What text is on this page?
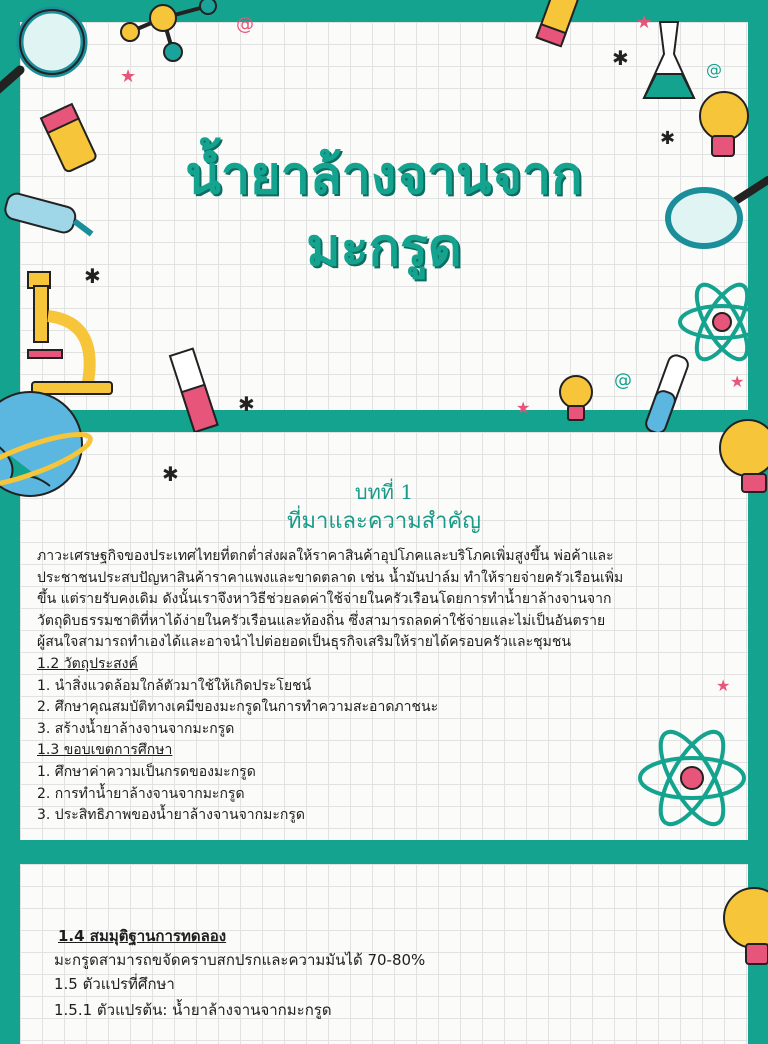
น้ำยาล้างจานจาก
มะกรูด
✱
✱
✱
✱
★
★
★
★
@
@
@
บทที่ 1
ที่มาและความสำคัญ
ภาวะเศรษฐกิจของประเทศไทยที่ตกต่ำส่งผลให้ราคาสินค้าอุปโภคและบริโภคเพิ่มสูงขึ้น พ่อค้าและ
ประชาชนประสบปัญหาสินค้าราคาแพงและขาดตลาด เช่น น้ำมันปาล์ม ทำให้รายจ่ายครัวเรือนเพิ่ม
ขึ้น แต่รายรับคงเดิม ดังนั้นเราจึงหาวิธีช่วยลดค่าใช้จ่ายในครัวเรือนโดยการทำน้ำยาล้างจานจาก
วัตถุดิบธรรมชาติที่หาได้ง่ายในครัวเรือนและท้องถิ่น ซึ่งสามารถลดค่าใช้จ่ายและไม่เป็นอันตราย
ผู้สนใจสามารถทำเองได้และอาจนำไปต่อยอดเป็นธุรกิจเสริมให้รายได้ครอบครัวและชุมชน
1.2 วัตถุประสงค์
1. นำสิ่งแวดล้อมใกล้ตัวมาใช้ให้เกิดประโยชน์
2. ศึกษาคุณสมบัติทางเคมีของมะกรูดในการทำความสะอาดภาชนะ
3. สร้างน้ำยาล้างจานจากมะกรูด
1.3 ขอบเขตการศึกษา
1. ศึกษาค่าความเป็นกรดของมะกรูด
2. การทำน้ำยาล้างจานจากมะกรูด
3. ประสิทธิภาพของน้ำยาล้างจานจากมะกรูด
✱
★
1.4 สมมุติฐานการทดลอง
มะกรูดสามารถขจัดคราบสกปรกและความมันได้ 70-80%
1.5 ตัวแปรที่ศึกษา
1.5.1 ตัวแปรต้น: น้ำยาล้างจานจากมะกรูด
